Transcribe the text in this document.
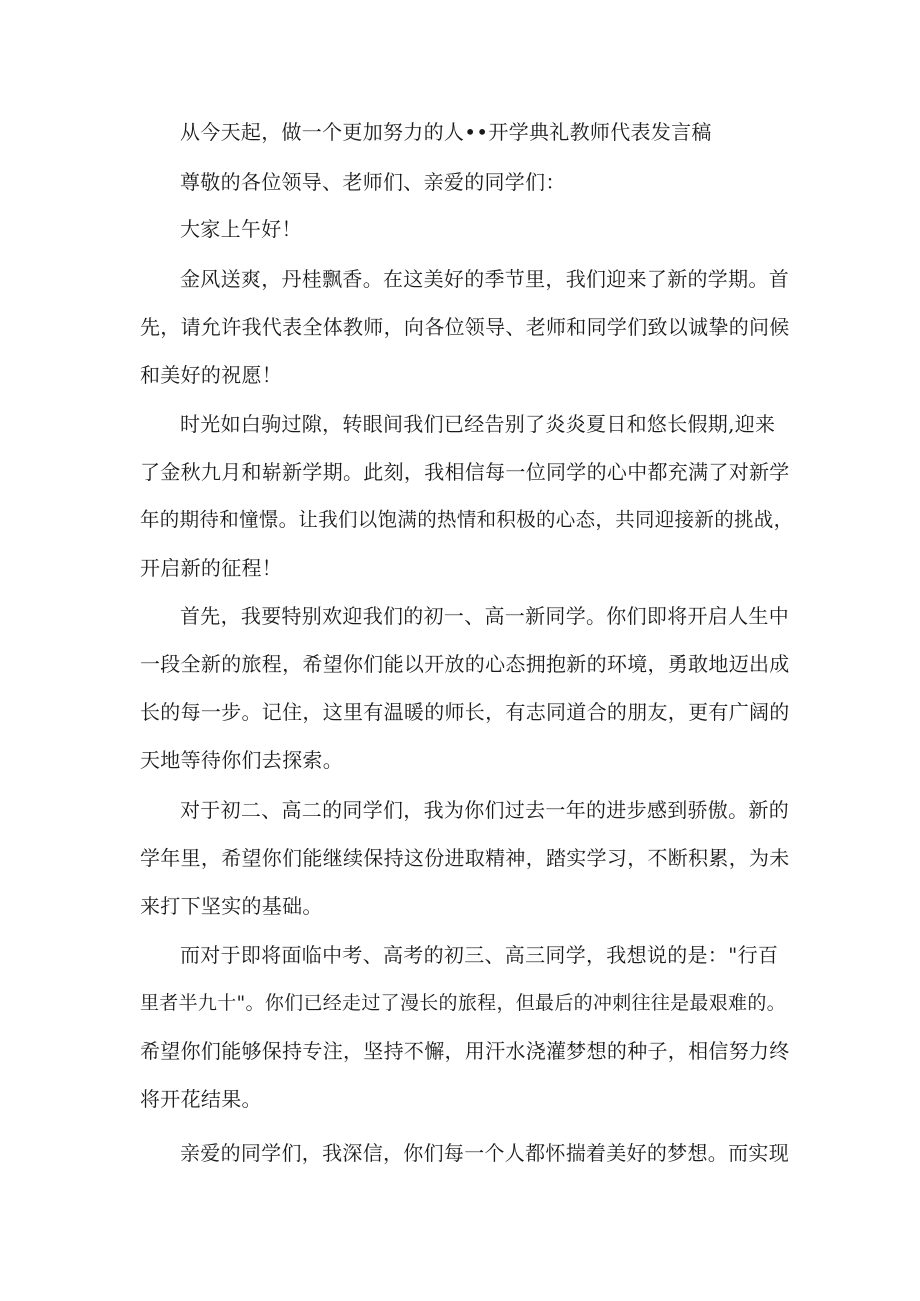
从今天起，做一个更加努力的人••开学典礼教师代表发言稿
尊敬的各位领导、老师们、亲爱的同学们：
大家上午好！
金风送爽，丹桂飘香。在这美好的季节里，我们迎来了新的学期。首
先，请允许我代表全体教师，向各位领导、老师和同学们致以诚挚的问候
和美好的祝愿！
时光如白驹过隙，转眼间我们已经告别了炎炎夏日和悠长假期,迎来
了金秋九月和崭新学期。此刻，我相信每一位同学的心中都充满了对新学
年的期待和憧憬。让我们以饱满的热情和积极的心态，共同迎接新的挑战，
开启新的征程！
首先，我要特别欢迎我们的初一、高一新同学。你们即将开启人生中
一段全新的旅程，希望你们能以开放的心态拥抱新的环境，勇敢地迈出成
长的每一步。记住，这里有温暖的师长，有志同道合的朋友，更有广阔的
天地等待你们去探索。
对于初二、高二的同学们，我为你们过去一年的进步感到骄傲。新的
学年里，希望你们能继续保持这份进取精神，踏实学习，不断积累，为未
来打下坚实的基础。
而对于即将面临中考、高考的初三、高三同学，我想说的是："行百
里者半九十"。你们已经走过了漫长的旅程，但最后的冲刺往往是最艰难的。
希望你们能够保持专注，坚持不懈，用汗水浇灌梦想的种子，相信努力终
将开花结果。
亲爱的同学们，我深信，你们每一个人都怀揣着美好的梦想。而实现
